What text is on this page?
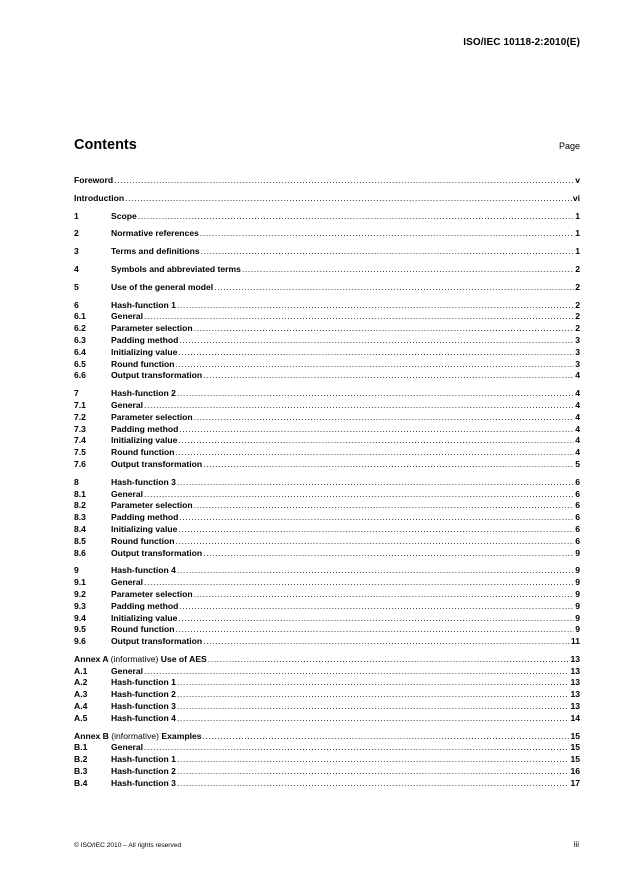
ISO/IEC 10118-2:2010(E)
Contents	Page
Foreword .....	v
Introduction .....	vi
1	Scope .....	1
2	Normative references .....	1
3	Terms and definitions .....	1
4	Symbols and abbreviated terms .....	2
5	Use of the general model .....	2
6	Hash-function 1 .....	2
6.1	General .....	2
6.2	Parameter selection .....	2
6.3	Padding method .....	3
6.4	Initializing value .....	3
6.5	Round function .....	3
6.6	Output transformation .....	4
7	Hash-function 2 .....	4
7.1	General .....	4
7.2	Parameter selection .....	4
7.3	Padding method .....	4
7.4	Initializing value .....	4
7.5	Round function .....	4
7.6	Output transformation .....	5
8	Hash-function 3 .....	6
8.1	General .....	6
8.2	Parameter selection .....	6
8.3	Padding method .....	6
8.4	Initializing value .....	6
8.5	Round function .....	6
8.6	Output transformation .....	9
9	Hash-function 4 .....	9
9.1	General .....	9
9.2	Parameter selection .....	9
9.3	Padding method .....	9
9.4	Initializing value .....	9
9.5	Round function .....	9
9.6	Output transformation .....	11
Annex A (informative) Use of AES .....	13
A.1	General .....	13
A.2	Hash-function 1 .....	13
A.3	Hash-function 2 .....	13
A.4	Hash-function 3 .....	13
A.5	Hash-function 4 .....	14
Annex B (informative) Examples .....	15
B.1	General .....	15
B.2	Hash-function 1 .....	15
B.3	Hash-function 2 .....	16
B.4	Hash-function 3 .....	17
© ISO/IEC 2010 – All rights reserved	iii
